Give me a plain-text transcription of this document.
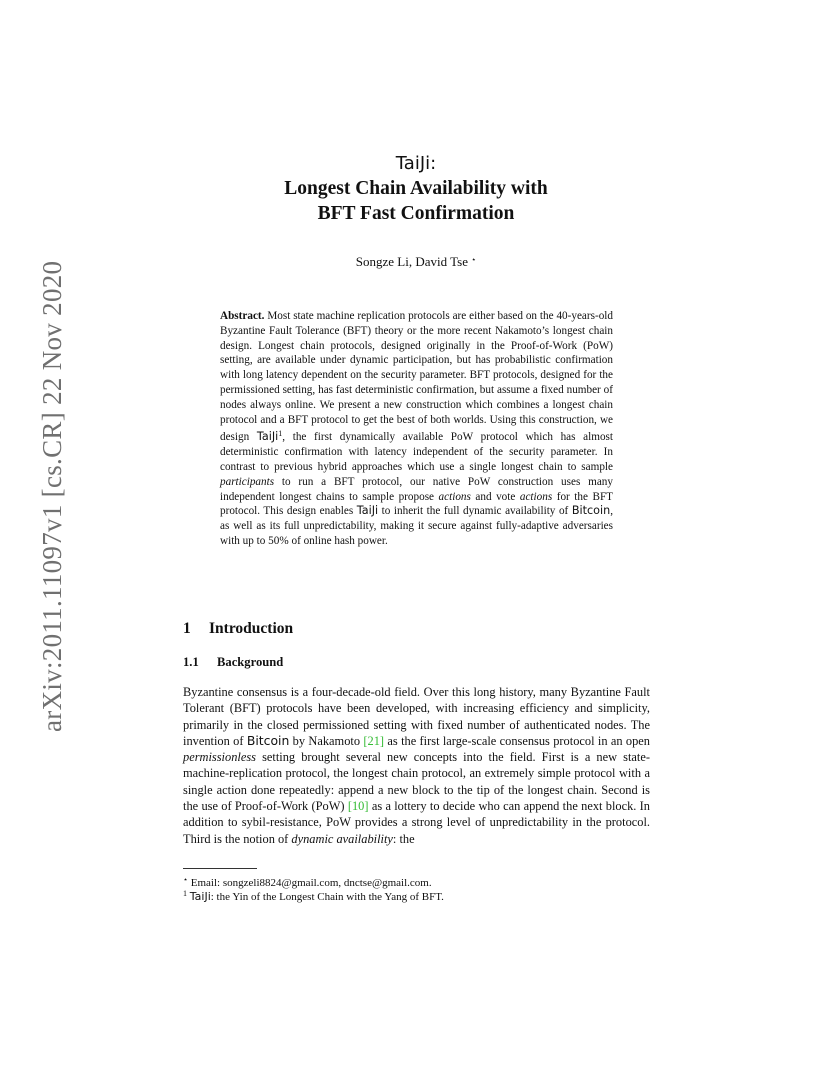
arXiv:2011.11097v1 [cs.CR] 22 Nov 2020
TaiJi:
Longest Chain Availability with
BFT Fast Confirmation
Songze Li, David Tse ⋆
Abstract. Most state machine replication protocols are either based on the 40-years-old Byzantine Fault Tolerance (BFT) theory or the more recent Nakamoto’s longest chain design. Longest chain protocols, designed originally in the Proof-of-Work (PoW) setting, are available under dynamic participation, but has probabilistic confirmation with long latency dependent on the security parameter. BFT protocols, designed for the permissioned setting, has fast deterministic confirmation, but assume a fixed number of nodes always online. We present a new construction which combines a longest chain protocol and a BFT protocol to get the best of both worlds. Using this construction, we design TaiJi$^1$, the first dynamically available PoW protocol which has almost deterministic confirmation with latency independent of the security parameter. In contrast to previous hybrid approaches which use a single longest chain to sample participants to run a BFT protocol, our native PoW construction uses many independent longest chains to sample propose actions and vote actions for the BFT protocol. This design enables TaiJi to inherit the full dynamic availability of Bitcoin, as well as its full unpredictability, making it secure against fully-adaptive adversaries with up to 50% of online hash power.
1 Introduction
1.1 Background
Byzantine consensus is a four-decade-old field. Over this long history, many Byzantine Fault Tolerant (BFT) protocols have been developed, with increasing efficiency and simplicity, primarily in the closed permissioned setting with fixed number of authenticated nodes. The invention of Bitcoin by Nakamoto [21] as the first large-scale consensus protocol in an open permissionless setting brought several new concepts into the field. First is a new state-machine-replication protocol, the longest chain protocol, an extremely simple protocol with a single action done repeatedly: append a new block to the tip of the longest chain. Second is the use of Proof-of-Work (PoW) [10] as a lottery to decide who can append the next block. In addition to sybil-resistance, PoW provides a strong level of unpredictability in the protocol. Third is the notion of dynamic availability: the
⋆ Email: songzeli8824@gmail.com, dnctse@gmail.com.
$^1$ TaiJi: the Yin of the Longest Chain with the Yang of BFT.
